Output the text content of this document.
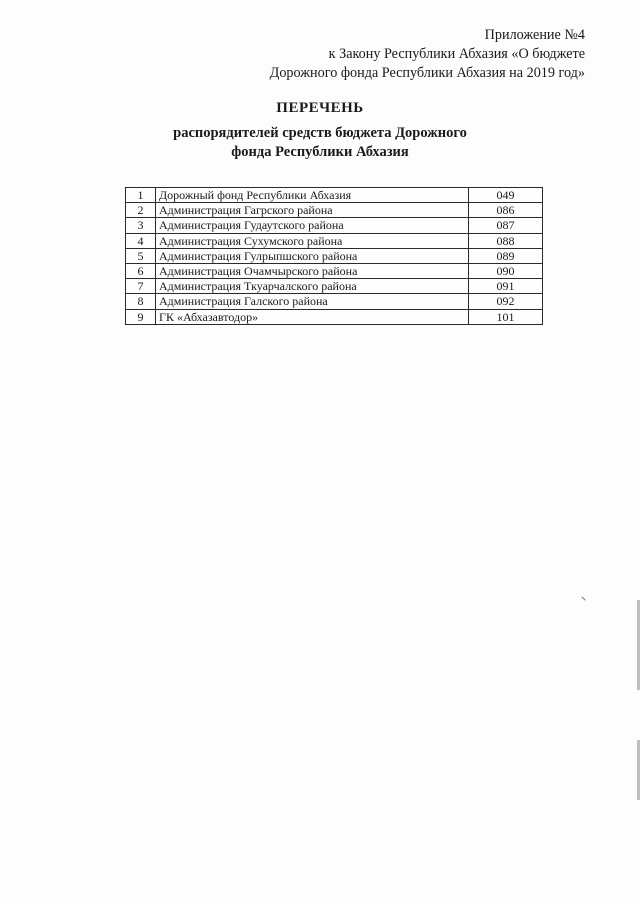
Приложение №4
к Закону Республики Абхазия «О бюджете
Дорожного фонда Республики Абхазия на 2019 год»
ПЕРЕЧЕНЬ
распорядителей средств бюджета Дорожного
фонда Республики Абхазия
1	Дорожный фонд Республики Абхазия	049
2	Администрация Гагрского района	086
3	Администрация Гудаутского района	087
4	Администрация Сухумского района	088
5	Администрация Гулрыпшского района	089
6	Администрация Очамчырского района	090
7	Администрация Ткуарчалского района	091
8	Администрация Галского района	092
9	ГК «Абхазавтодор»	101
